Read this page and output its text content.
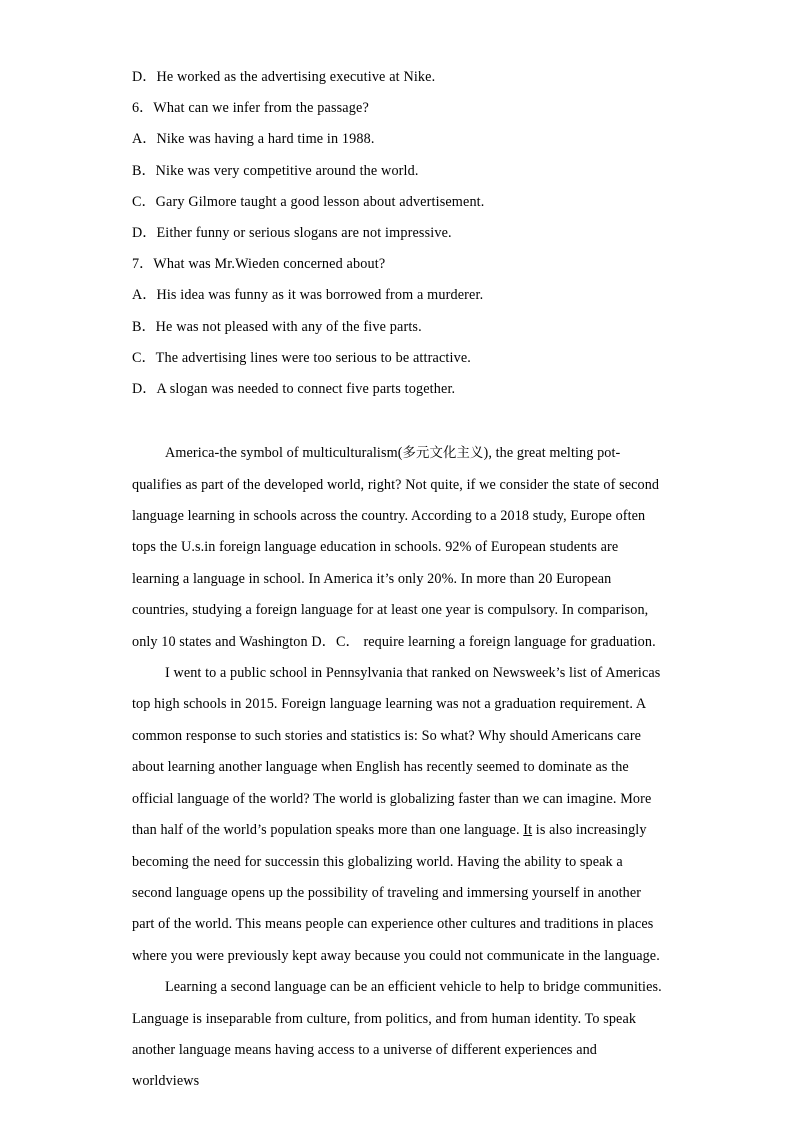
D．He worked as the advertising executive at Nike.
6．What can we infer from the passage?
A．Nike was having a hard time in 1988.
B．Nike was very competitive around the world.
C．Gary Gilmore taught a good lesson about advertisement.
D．Either funny or serious slogans are not impressive.
7．What was Mr.Wieden concerned about?
A．His idea was funny as it was borrowed from a murderer.
B．He was not pleased with any of the five parts.
C．The advertising lines were too serious to be attractive.
D．A slogan was needed to connect five parts together.

America-the symbol of multiculturalism(多元文化主义), the great melting pot-qualifies as part of the developed world, right? Not quite, if we consider the state of second language learning in schools across the country. According to a 2018 study, Europe often tops the U.s.in foreign language education in schools. 92% of European students are learning a language in school. In America it’s only 20%. In more than 20 European countries, studying a foreign language for at least one year is compulsory. In comparison, only 10 states and Washington D．C． require learning a foreign language for graduation.

I went to a public school in Pennsylvania that ranked on Newsweek’s list of Americas top high schools in 2015. Foreign language learning was not a graduation requirement. A common response to such stories and statistics is: So what? Why should Americans care about learning another language when English has recently seemed to dominate as the official language of the world? The world is globalizing faster than we can imagine. More than half of the world’s population speaks more than one language. It is also increasingly becoming the need for successin this globalizing world. Having the ability to speak a second language opens up the possibility of traveling and immersing yourself in another part of the world. This means people can experience other cultures and traditions in places where you were previously kept away because you could not communicate in the language.

Learning a second language can be an efficient vehicle to help to bridge communities. Language is inseparable from culture, from politics, and from human identity. To speak another language means having access to a universe of different experiences and worldviews
